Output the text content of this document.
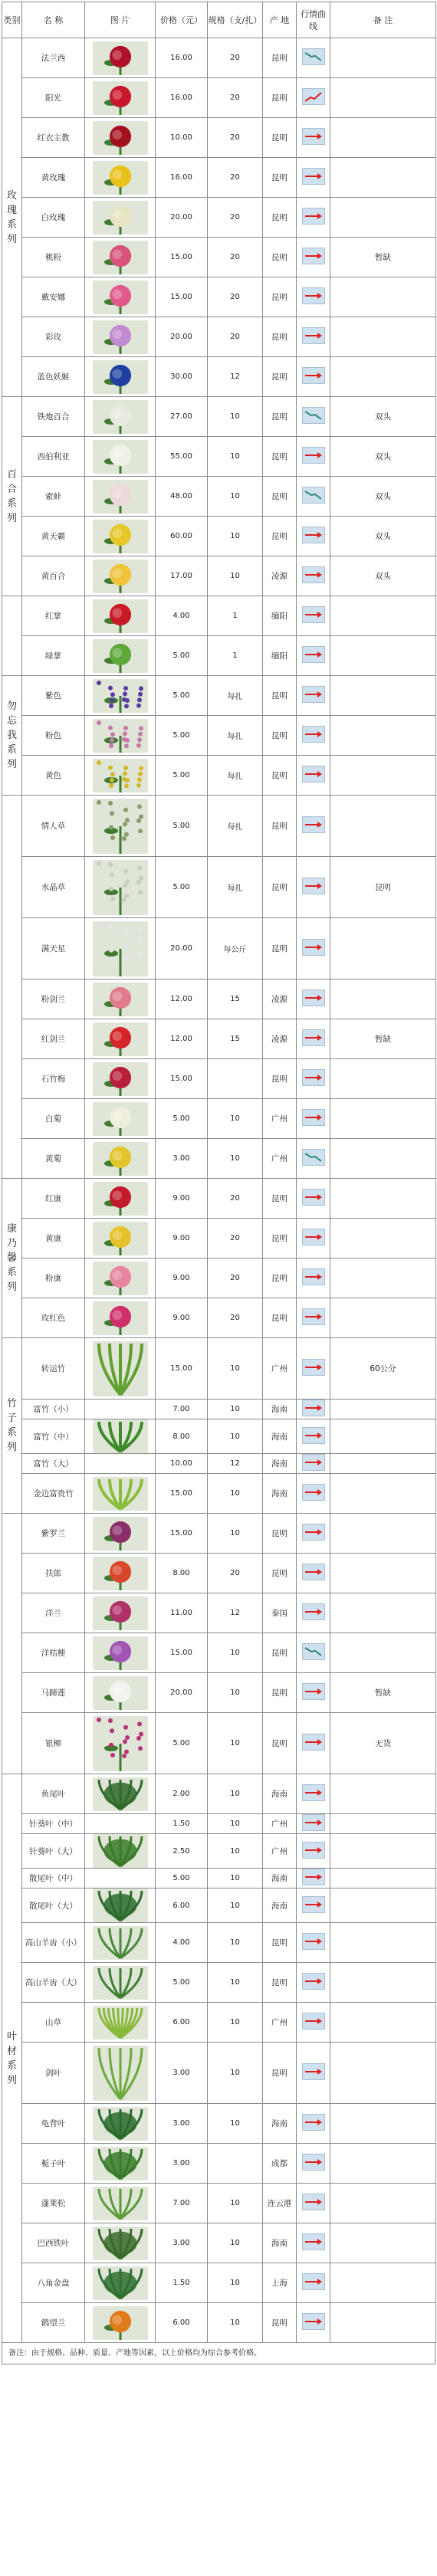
类别	名 称	图 片	价格（元）	规格（支/扎）	产 地	行情曲线	备 注
玫瑰系列	法兰西		16.00	20	昆明	

	阳光		16.00	20	昆明	

	红衣主教		10.00	20	昆明	

	黄玫瑰		16.00	20	昆明	

	白玫瑰		20.00	20	昆明	

	桃粉		15.00	20	昆明		暂缺
	戴安娜		15.00	20	昆明	

	彩玫		20.00	20	昆明	

	蓝色妖姬		30.00	12	昆明	

百合系列	铁炮百合		27.00	10	昆明		双头
	西伯利亚		55.00	10	昆明		双头
	索蚌		48.00	10	昆明		双头
	黄天霸		60.00	10	昆明		双头
	黄百合		17.00	10	凌源		双头
	红掌		4.00	1	缅阳	

	绿掌		5.00	1	缅阳	

勿忘我系列	紫色		5.00	每扎	昆明	

	粉色		5.00	每扎	昆明	

	黄色		5.00	每扎	昆明	

	情人草		5.00	每扎	昆明	

	水晶草		5.00	每扎	昆明		昆明
	满天星		20.00	每公斤	昆明	

	粉剑兰		12.00	15	凌源	

	红剑兰		12.00	15	凌源		暂缺
	石竹梅		15.00		昆明	

	白菊		5.00	10	广州	

	黄菊		3.00	10	广州	

康乃馨系列	红康		9.00	20	昆明	

	黄康		9.00	20	昆明	

	粉康		9.00	20	昆明	

	玫红色		9.00	20	昆明	

竹子系列	转运竹		15.00	10	广州		60公分
	富竹（小）		7.00	10	海南	

	富竹（中）		8.00	10	海南	

	富竹（大）		10.00	12	海南	

	金边富贵竹		15.00	10	海南	

	紫罗兰		15.00	10	昆明	

	扶郎		8.00	20	昆明	

	洋兰		11.00	12	泰国	

	洋桔梗		15.00	10	昆明	

	马蹄莲		20.00	10	昆明		暂缺
	银柳		5.00	10	昆明		无货
叶材系列	鱼尾叶		2.00	10	海南	

	针葵叶（中）		1.50	10	广州	

	针葵叶（大）		2.50	10	广州	

	散尾叶（中）		5.00	10	海南	

	散尾叶（大）		6.00	10	海南	

	高山羊齿（小）		4.00	10	昆明	

	高山羊齿（大）		5.00	10	昆明	

	山草		6.00	10	广州	

	剑叶		3.00	10	昆明	

	龟背叶		3.00	10	海南	

	栀子叶		3.00		成都	

	蓬莱松		7.00	10	连云港	

	巴西铁叶		3.00	10	海南	

	八角金盘		1.50	10	上海	

	鹤望兰		6.00	10	昆明	

备注：由于规格、品种、质量、产地等因素，以上价格均为综合参考价格。
